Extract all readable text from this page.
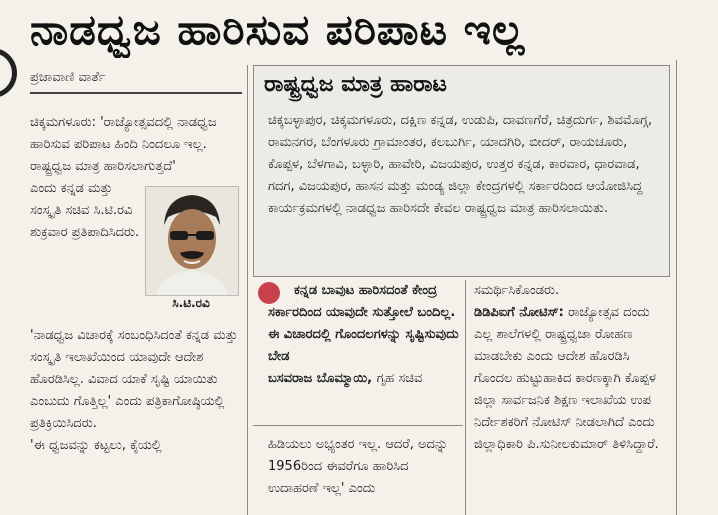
ನಾಡಧ್ವಜ ಹಾರಿಸುವ ಪರಿಪಾಟ ಇಲ್ಲ
ಪ್ರಜಾವಾಣಿ ವಾರ್ತೆ

ಚಿಕ್ಕಮಗಳೂರು: 'ರಾಜ್ಯೋತ್ಸವದಲ್ಲಿ ನಾಡಧ್ವಜ ಹಾರಿಸುವ ಪರಿಪಾಟ ಹಿಂದಿ ನಿಂದಲೂ ಇಲ್ಲ. ರಾಷ್ಟ್ರಧ್ವಜ ಮಾತ್ರ ಹಾರಿಸಲಾಗುತ್ತದೆ'

ಎಂದು ಕನ್ನಡ ಮತ್ತು ಸಂಸ್ಕೃತಿ ಸಚಿವ ಸಿ.ಟಿ.ರವಿ ಶುಕ್ರವಾರ ಪ್ರತಿಪಾದಿಸಿದರು.

ಸಿ.ಟಿ.ರವಿ

'ನಾಡಧ್ವಜ ವಿಚಾರಕ್ಕೆ ಸಂಬಂಧಿಸಿದಂತೆ ಕನ್ನಡ ಮತ್ತು ಸಂಸ್ಕೃತಿ ಇಲಾಖೆಯಿಂದ ಯಾವುದೇ ಆದೇಶ ಹೊರಡಿಸಿಲ್ಲ. ವಿವಾದ ಯಾಕೆ ಸೃಷ್ಟಿ ಯಾಯಿತು ಎಂಬುದು ಗೊತ್ತಿಲ್ಲ' ಎಂದು ಪತ್ರಿಕಾಗೋಷ್ಠಿಯಲ್ಲಿ ಪ್ರತಿಕ್ರಿಯಿಸಿದರು.

'ಈ ಧ್ವಜವನ್ನು ಕಟ್ಟಲು, ಕೈಯಲ್ಲಿ

ರಾಷ್ಟ್ರಧ್ವಜ ಮಾತ್ರ ಹಾರಾಟ
ಚಿಕ್ಕಬಳ್ಳಾಪುರ, ಚಿಕ್ಕಮಗಳೂರು, ದಕ್ಷಿಣ ಕನ್ನಡ, ಉಡುಪಿ, ದಾವಣಗೆರೆ, ಚಿತ್ರದುರ್ಗ, ಶಿವಮೊಗ್ಗ, ರಾಮನಗರ, ಬೆಂಗಳೂರು ಗ್ರಾಮಾಂತರ, ಕಲಬುರ್ಗಿ, ಯಾದಗಿರಿ, ಬೀದರ್, ರಾಯಚೂರು, ಕೊಪ್ಪಳ, ಬೆಳಗಾವಿ, ಬಳ್ಳಾರಿ, ಹಾವೇರಿ, ವಿಜಯಪುರ, ಉತ್ತರ ಕನ್ನಡ, ಕಾರವಾರ, ಧಾರವಾಡ, ಗದಗ, ವಿಜಯಪುರ, ಹಾಸನ ಮತ್ತು ಮಂಡ್ಯ ಜಿಲ್ಲಾ ಕೇಂದ್ರಗಳಲ್ಲಿ ಸರ್ಕಾರದಿಂದ ಆಯೋಜಿಸಿದ್ದ ಕಾರ್ಯಕ್ರಮಗಳಲ್ಲಿ ನಾಡಧ್ವಜ ಹಾರಿಸದೇ ಕೇವಲ ರಾಷ್ಟ್ರಧ್ವಜ ಮಾತ್ರ ಹಾರಿಸಲಾಯಿತು.
ಕನ್ನಡ ಬಾವುಟ ಹಾರಿಸದಂತೆ ಕೇಂದ್ರ ಸರ್ಕಾರದಿಂದ ಯಾವುದೇ ಸುತ್ತೋಲೆ ಬಂದಿಲ್ಲ. ಈ ವಿಚಾರದಲ್ಲಿ ಗೊಂದಲಗಳನ್ನು ಸೃಷ್ಟಿಸುವುದು ಬೇಡ
ಬಸವರಾಜ ಬೊಮ್ಮಾಯಿ, ಗೃಹ ಸಚಿವ
ಹಿಡಿಯಲು ಅಭ್ಯಂತರ ಇಲ್ಲ. ಆದರೆ, ಅದನ್ನು 1956ರಿಂದ ಈವರೆಗೂ ಹಾರಿಸಿದ ಉದಾಹರಣೆ ಇಲ್ಲ' ಎಂದು

ಸಮರ್ಥಿಸಿಕೊಂಡರು.

ಡಿಡಿಪಿಐಗೆ ನೋಟಿಸ್: ರಾಜ್ಯೋತ್ಸವ ದಂದು ಎಲ್ಲ ಶಾಲೆಗಳಲ್ಲಿ ರಾಷ್ಟ್ರಧ್ವಜಾ ರೋಹಣ ಮಾಡಬೇಕು ಎಂದು ಆದೇಶ ಹೊರಡಿಸಿ ಗೊಂದಲ ಹುಟ್ಟುಹಾಕಿದ ಕಾರಣಕ್ಕಾಗಿ ಕೊಪ್ಪಳ ಜಿಲ್ಲಾ ಸಾರ್ವಜನಿಕ ಶಿಕ್ಷಣ ಇಲಾಖೆಯ ಉಪ ನಿರ್ದೇಶಕರಿಗೆ ನೋಟಿಸ್ ನೀಡಲಾಗಿದೆ ಎಂದು ಜಿಲ್ಲಾಧಿಕಾರಿ ಪಿ.ಸುನೀಲಕುಮಾರ್ ತಿಳಿಸಿದ್ದಾರೆ.
